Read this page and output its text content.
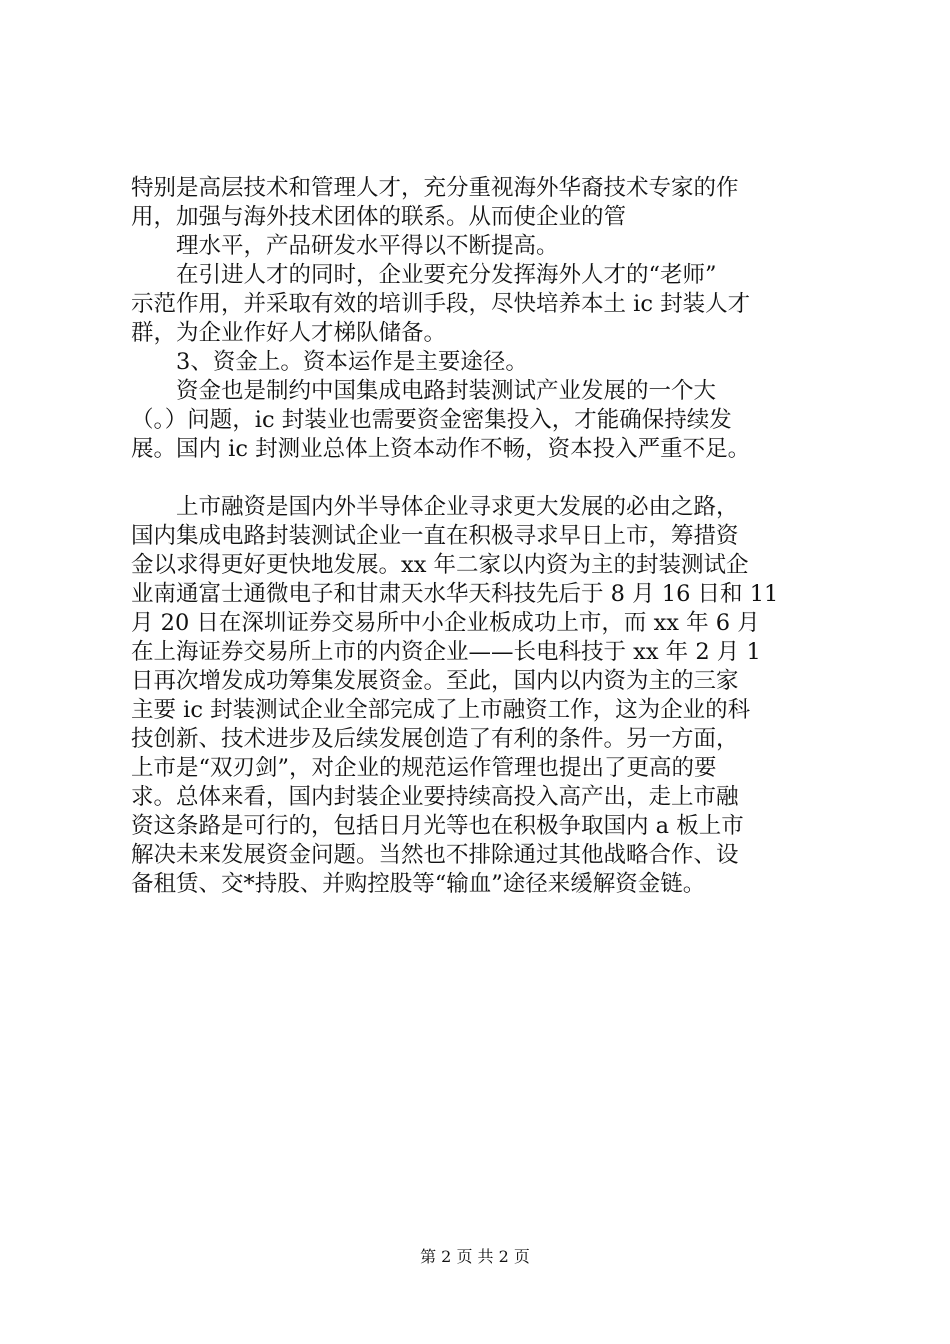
特别是高层技术和管理人才，充分重视海外华裔技术专家的作
用，加强与海外技术团体的联系。从而使企业的管
理水平，产品研发水平得以不断提高。
在引进人才的同时，企业要充分发挥海外人才的“老师”
示范作用，并采取有效的培训手段，尽快培养本土 ic 封装人才
群，为企业作好人才梯队储备。
3、资金上。资本运作是主要途径。
资金也是制约中国集成电路封装测试产业发展的一个大
（。）问题，ic 封装业也需要资金密集投入，才能确保持续发
展。国内 ic 封测业总体上资本动作不畅，资本投入严重不足。
上市融资是国内外半导体企业寻求更大发展的必由之路，
国内集成电路封装测试企业一直在积极寻求早日上市，筹措资
金以求得更好更快地发展。xx 年二家以内资为主的封装测试企
业南通富士通微电子和甘肃天水华天科技先后于 8 月 16 日和 11
月 20 日在深圳证券交易所中小企业板成功上市，而 xx 年 6 月
在上海证券交易所上市的内资企业——长电科技于 xx 年 2 月 1
日再次增发成功筹集发展资金。至此，国内以内资为主的三家
主要 ic 封装测试企业全部完成了上市融资工作，这为企业的科
技创新、技术进步及后续发展创造了有利的条件。另一方面，
上市是“双刃剑”，对企业的规范运作管理也提出了更高的要
求。总体来看，国内封装企业要持续高投入高产出，走上市融
资这条路是可行的，包括日月光等也在积极争取国内 a 板上市
解决未来发展资金问题。当然也不排除通过其他战略合作、设
备租赁、交*持股、并购控股等“输血”途径来缓解资金链。
第 2 页 共 2 页
